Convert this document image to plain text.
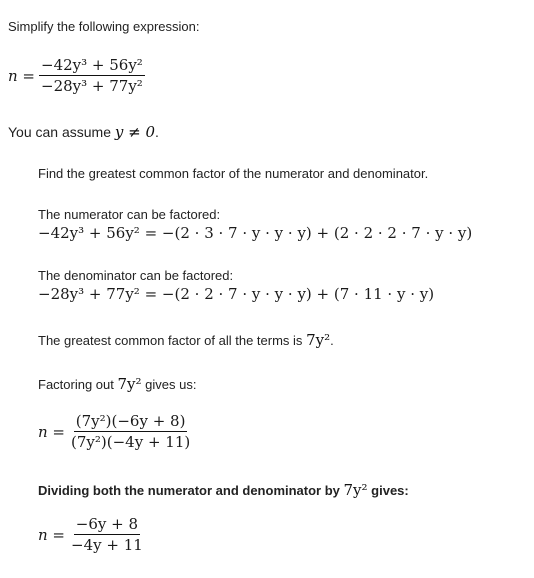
Simplify the following expression:
$n = \frac{\text{−42y³ + 56y²}}{\text{−28y³ + 77y²}}$
You can assume y ≠ 0.
Find the greatest common factor of the numerator and denominator.
The numerator can be factored:
−42y³ + 56y² = −(2 · 3 · 7 · y · y · y) + (2 · 2 · 2 · 7 · y · y)
The denominator can be factored:
−28y³ + 77y² = −(2 · 2 · 7 · y · y · y) + (7 · 11 · y · y)
The greatest common factor of all the terms is 7y².
Factoring out 7y² gives us:
$n = \frac{\text{(7y²)(−6y + 8)}}{\text{(7y²)(−4y + 11)}}$
Dividing both the numerator and denominator by 7y² gives:
$n = \frac{-6y + 8}{-4y + 11}$
